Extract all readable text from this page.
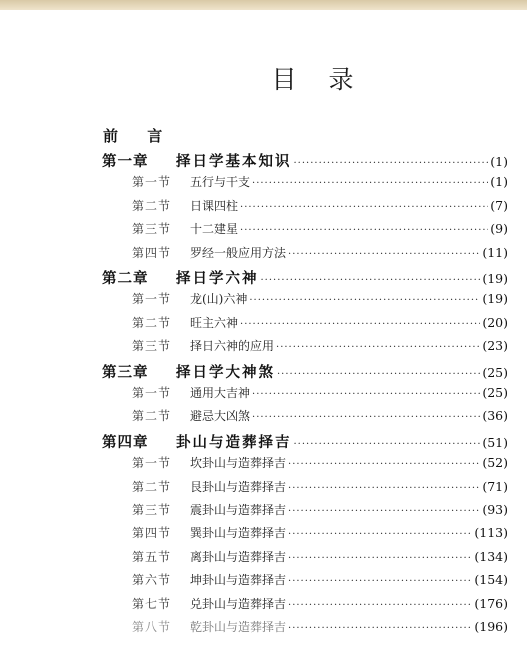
目 录
前 言
第一章	择日学基本知识 ·····	(1)
第一节	五行与干支 ·····	(1)
第二节	日课四柱 ·····	(7)
第三节	十二建星 ·····	(9)
第四节	罗经一般应用方法 ·····	(11)
第二章	择日学六神 ·····	(19)
第一节	龙(山)六神 ·····	(19)
第二节	旺主六神 ·····	(20)
第三节	择日六神的应用 ·····	(23)
第三章	择日学大神煞 ·····	(25)
第一节	通用大吉神 ·····	(25)
第二节	避忌大凶煞 ·····	(36)
第四章	卦山与造葬择吉 ·····	(51)
第一节	坎卦山与造葬择吉 ·····	(52)
第二节	艮卦山与造葬择吉 ·····	(71)
第三节	震卦山与造葬择吉 ·····	(93)
第四节	巽卦山与造葬择吉 ·····	(113)
第五节	离卦山与造葬择吉 ·····	(134)
第六节	坤卦山与造葬择吉 ·····	(154)
第七节	兑卦山与造葬择吉 ·····	(176)
第八节	乾卦山与造葬择吉 ·····	(196)
